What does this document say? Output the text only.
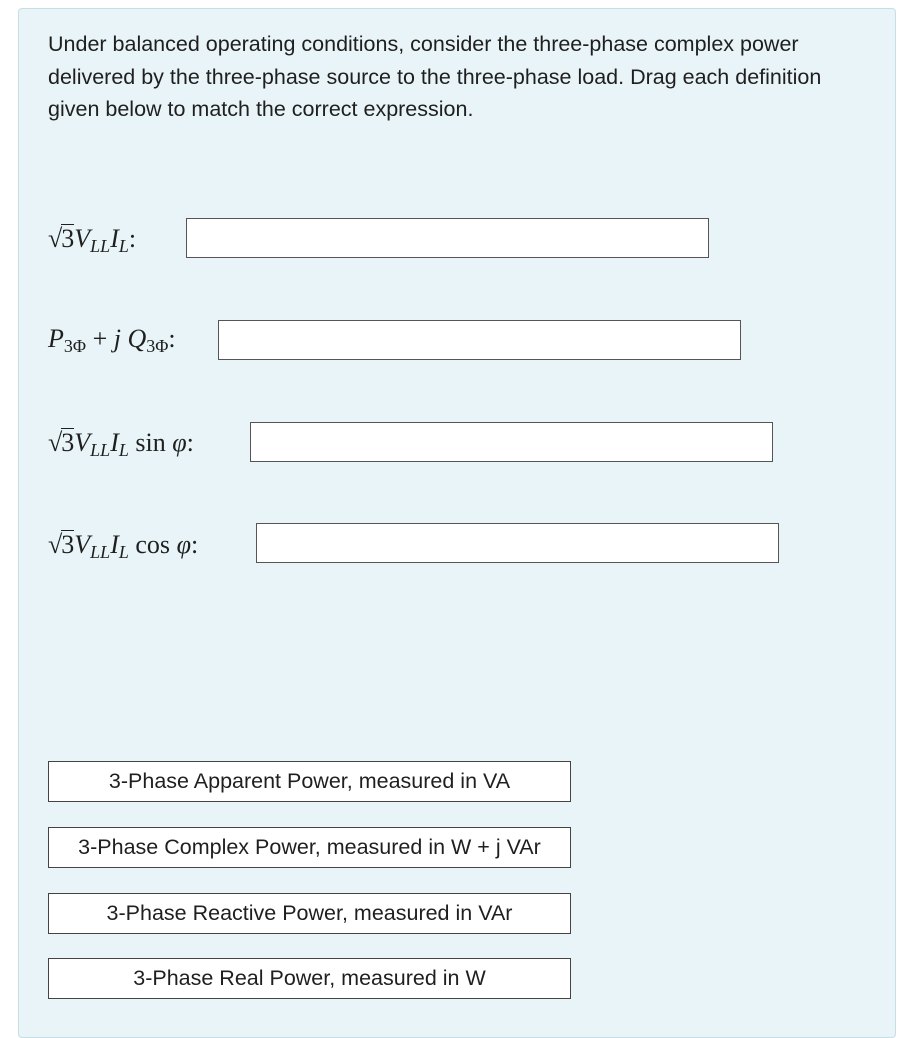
Under balanced operating conditions, consider the three-phase complex power delivered by the three-phase source to the three-phase load. Drag each definition given below to match the correct expression.

$√3V_{LL}I_L$:
$P_{3\Phi} + j$ $Q_{3\Phi}$:
$√3V_{LL}I_L$ sin φ:
$√3V_{LL}I_L$ cos φ:
3-Phase Apparent Power, measured in VA
3-Phase Complex Power, measured in W + j VAr
3-Phase Reactive Power, measured in VAr
3-Phase Real Power, measured in W
